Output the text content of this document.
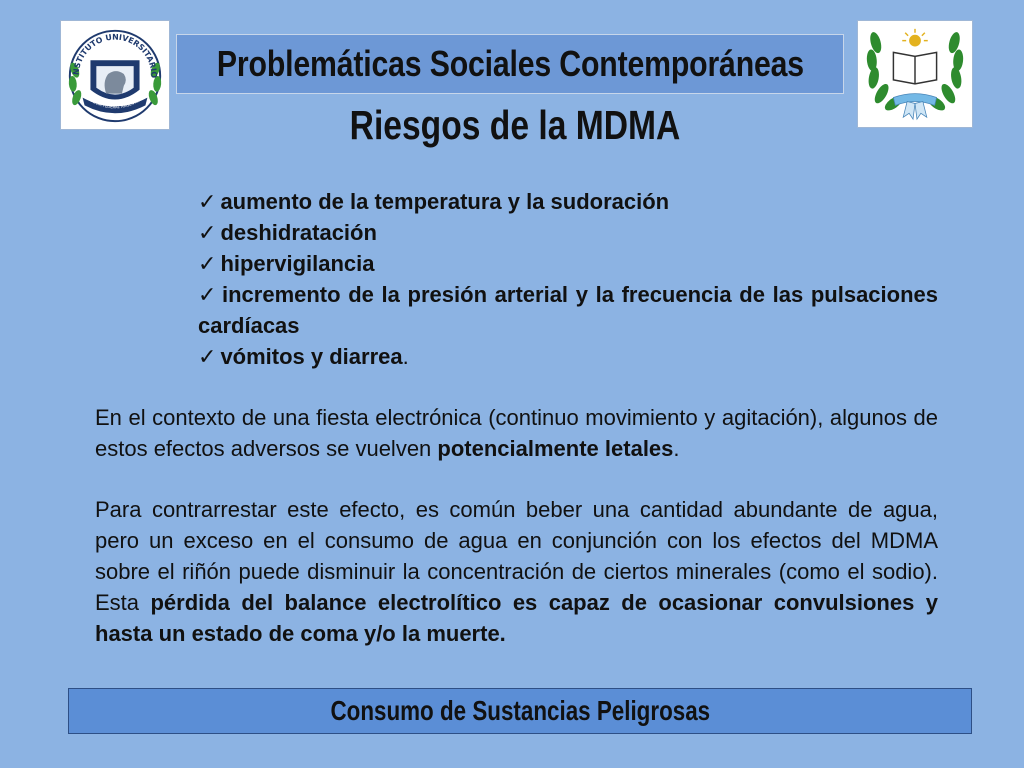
NSTITUTO UNIVERSITARIO
POLICIA FEDERAL ARGENTINA
Problemáticas Sociales Contemporáneas
Riesgos de la MDMA
✓ aumento de la temperatura y la sudoración
✓ deshidratación
✓ hipervigilancia
✓ incremento de la presión arterial y la frecuencia de las pulsaciones cardíacas
✓ vómitos y diarrea.

En el contexto de una fiesta electrónica (continuo movimiento y agitación), algunos de estos efectos adversos se vuelven potencialmente letales.

Para contrarrestar este efecto, es común beber una cantidad abundante de agua, pero un exceso en el consumo de agua en conjunción con los efectos del MDMA sobre el riñón puede disminuir la concentración de ciertos minerales (como el sodio). Esta pérdida del balance electrolítico es capaz de ocasionar convulsiones y hasta un estado de coma y/o la muerte.

Consumo de Sustancias Peligrosas
